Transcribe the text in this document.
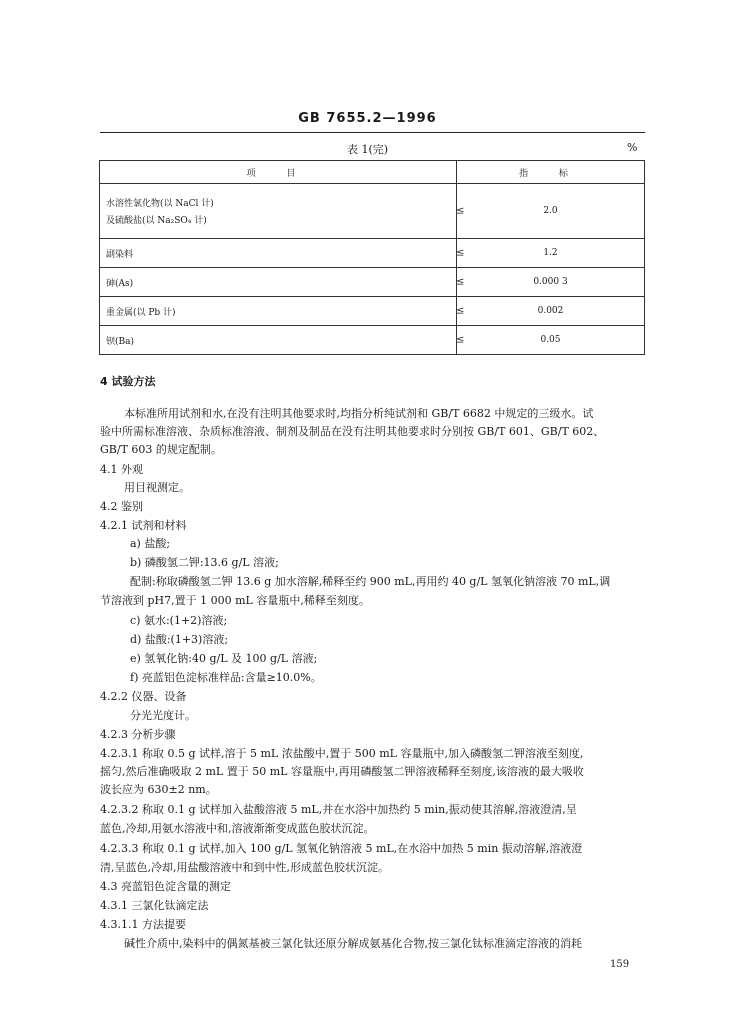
GB 7655.2—1996
表 1(完)	%
项 目	指 标

水溶性氯化物(以 NaCl 计)
及硫酸盐(以 Na₂SO₄ 计)
≤	2.0
副染料 ≤	1.2
砷(As) ≤	0.000 3
重金属(以 Pb 计) ≤	0.002
钡(Ba) ≤	0.05
4 试验方法
本标准所用试剂和水,在没有注明其他要求时,均指分析纯试剂和 GB/T 6682 中规定的三级水。试
验中所需标准溶液、杂质标准溶液、制剂及制品在没有注明其他要求时分别按 GB/T 601、GB/T 602、
GB/T 603 的规定配制。
4.1 外观
用目视测定。
4.2 鉴别
4.2.1 试剂和材料
a) 盐酸;
b) 磷酸氢二钾:13.6 g/L 溶液;
配制:称取磷酸氢二钾 13.6 g 加水溶解,稀释至约 900 mL,再用约 40 g/L 氢氧化钠溶液 70 mL,调
节溶液到 pH7,置于 1 000 mL 容量瓶中,稀释至刻度。
c) 氨水:(1+2)溶液;
d) 盐酸:(1+3)溶液;
e) 氢氧化钠:40 g/L 及 100 g/L 溶液;
f) 亮蓝铝色淀标准样品:含量≥10.0%。
4.2.2 仪器、设备
分光光度计。
4.2.3 分析步骤
4.2.3.1 称取 0.5 g 试样,溶于 5 mL 浓盐酸中,置于 500 mL 容量瓶中,加入磷酸氢二钾溶液至刻度,
摇匀,然后准确吸取 2 mL 置于 50 mL 容量瓶中,再用磷酸氢二钾溶液稀释至刻度,该溶液的最大吸收
波长应为 630±2 nm。
4.2.3.2 称取 0.1 g 试样加入盐酸溶液 5 mL,并在水浴中加热约 5 min,振动使其溶解,溶液澄清,呈
蓝色,冷却,用氨水溶液中和,溶液渐渐变成蓝色胶状沉淀。
4.2.3.3 称取 0.1 g 试样,加入 100 g/L 氢氧化钠溶液 5 mL,在水浴中加热 5 min 振动溶解,溶液澄
清,呈蓝色,冷却,用盐酸溶液中和到中性,形成蓝色胶状沉淀。
4.3 亮蓝铝色淀含量的测定
4.3.1 三氯化钛滴定法
4.3.1.1 方法提要
碱性介质中,染料中的偶氮基被三氯化钛还原分解成氨基化合物,按三氯化钛标准滴定溶液的消耗
159
